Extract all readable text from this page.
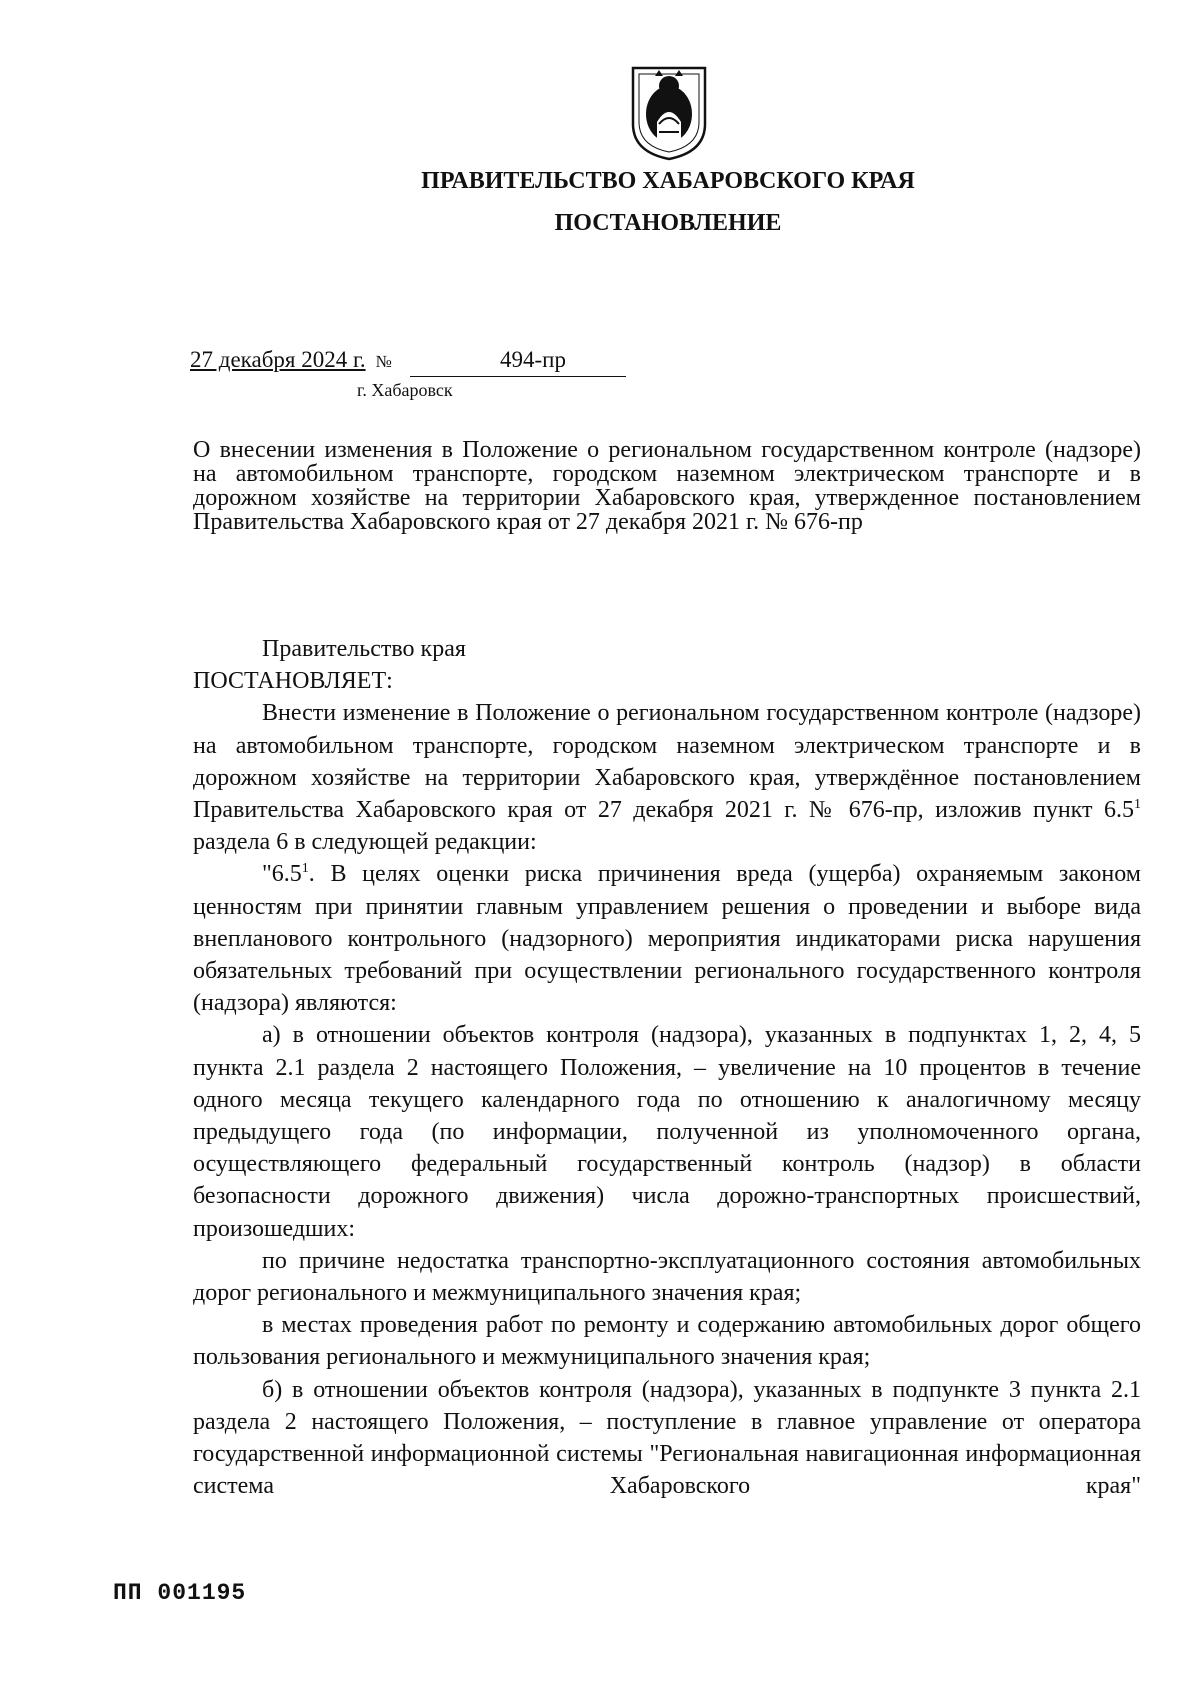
ПРАВИТЕЛЬСТВО ХАБАРОВСКОГО КРАЯ
ПОСТАНОВЛЕНИЕ
27 декабря 2024 г. №	494-пр
г. Хабаровск
О внесении изменения в Положение о региональном государственном контроле (надзоре) на автомобильном транспорте, городском наземном электрическом транспорте и в дорожном хозяйстве на территории Хабаровского края, утвержденное постановлением Правительства Хабаровского края от 27 декабря 2021 г. № 676-пр

Правительство края

ПОСТАНОВЛЯЕТ:

Внести изменение в Положение о региональном государственном контроле (надзоре) на автомобильном транспорте, городском наземном электрическом транспорте и в дорожном хозяйстве на территории Хабаровского края, утверждённое постановлением Правительства Хабаровского края от 27 декабря 2021 г. № 676-пр, изложив пункт $6.5^1$ раздела 6 в следующей редакции:

"$6.5^1$. В целях оценки риска причинения вреда (ущерба) охраняемым законом ценностям при принятии главным управлением решения о проведении и выборе вида внепланового контрольного (надзорного) мероприятия индикаторами риска нарушения обязательных требований при осуществлении регионального государственного контроля (надзора) являются:

а) в отношении объектов контроля (надзора), указанных в подпунктах 1, 2, 4, 5 пункта 2.1 раздела 2 настоящего Положения, – увеличение на 10 процентов в течение одного месяца текущего календарного года по отношению к аналогичному месяцу предыдущего года (по информации, полученной из уполномоченного органа, осуществляющего федеральный государственный контроль (надзор) в области безопасности дорожного движения) числа дорожно-транспортных происшествий, произошедших:

по причине недостатка транспортно-эксплуатационного состояния автомобильных дорог регионального и межмуниципального значения края;

в местах проведения работ по ремонту и содержанию автомобильных дорог общего пользования регионального и межмуниципального значения края;

б) в отношении объектов контроля (надзора), указанных в подпункте 3 пункта 2.1 раздела 2 настоящего Положения, – поступление в главное управление от оператора государственной информационной системы "Региональная навигационная информационная система Хабаровского края"

ПП 001195
